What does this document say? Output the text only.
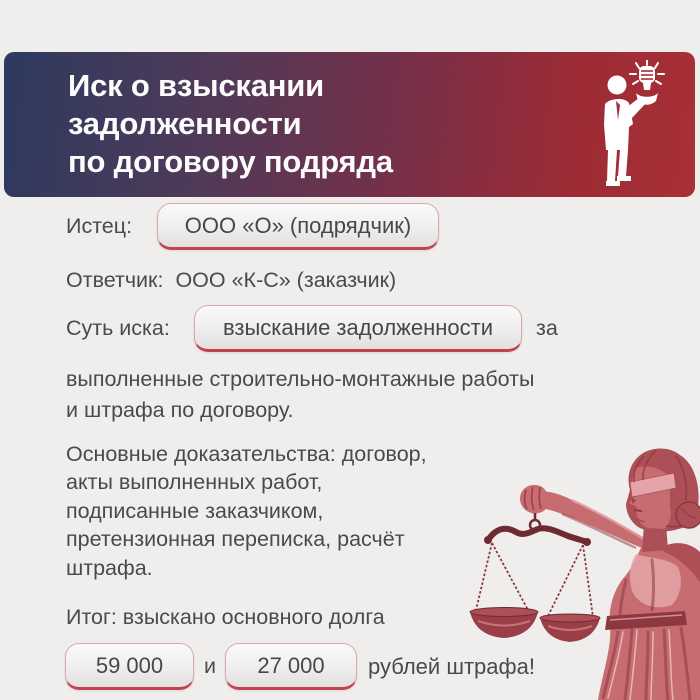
Иск о взыскании
задолженности
по договору подряда
Истец: ООО «О» (подрядчик)
Ответчик: ООО «К-С» (заказчик)
Суть иска: взыскание задолженности за
выполненные строительно-монтажные работы
и штрафа по договору.
Основные доказательства: договор,
акты выполненных работ,
подписанные заказчиком,
претензионная переписка, расчёт
штрафа.
Итог: взыскано основного долга
59 000	и	27 000 рублей штрафа!
